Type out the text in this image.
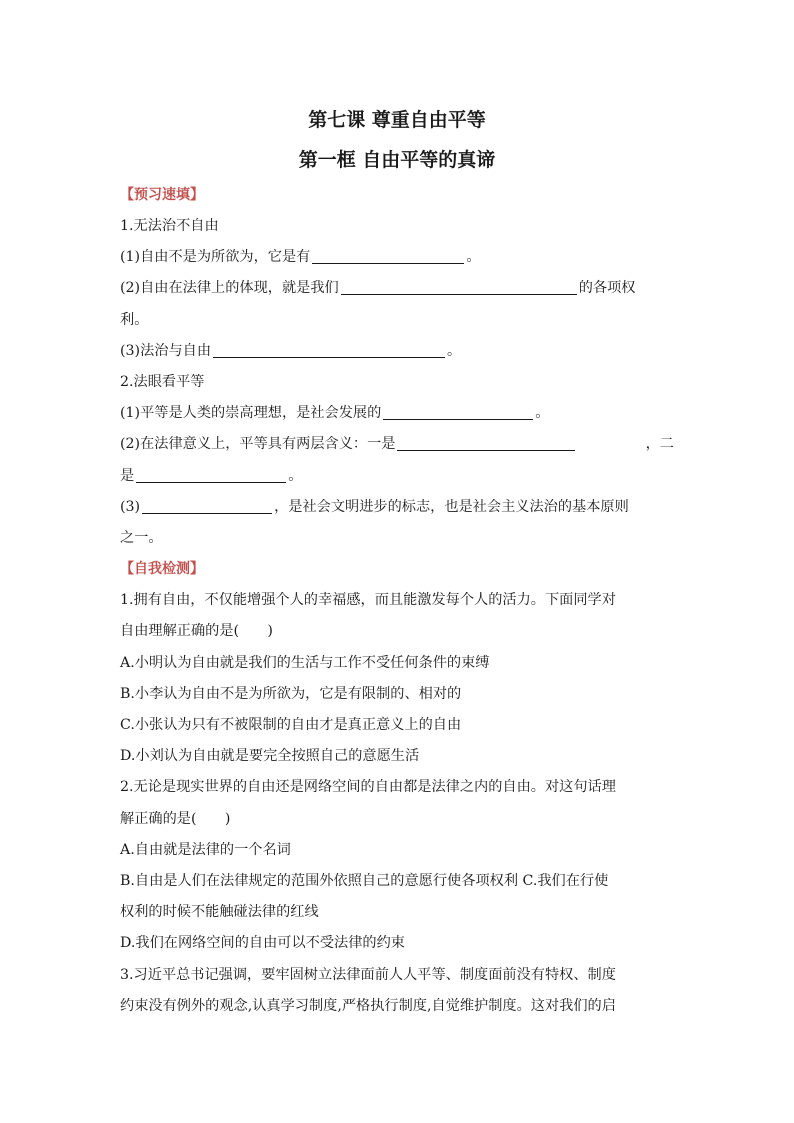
第七课 尊重自由平等
第一框 自由平等的真谛
【预习速填】

1.无法治不自由

(1)自由不是为所欲为，它是有	。

(2)自由在法律上的体现，就是我们	的各项权

利。

(3)法治与自由	。

2.法眼看平等

(1)平等是人类的崇高理想，是社会发展的	。

(2)在法律意义上，平等具有两层含义：一是	，二

是	。

(3)	，是社会文明进步的标志，也是社会主义法治的基本原则

之一。

【自我检测】

1.拥有自由，不仅能增强个人的幸福感，而且能激发每个人的活力。下面同学对

自由理解正确的是(　　)

A.小明认为自由就是我们的生活与工作不受任何条件的束缚

B.小李认为自由不是为所欲为，它是有限制的、相对的

C.小张认为只有不被限制的自由才是真正意义上的自由

D.小刘认为自由就是要完全按照自己的意愿生活

2.无论是现实世界的自由还是网络空间的自由都是法律之内的自由。对这句话理

解正确的是(　　)

A.自由就是法律的一个名词

B.自由是人们在法律规定的范围外依照自己的意愿行使各项权利 C.我们在行使

权利的时候不能触碰法律的红线

D.我们在网络空间的自由可以不受法律的约束

3.习近平总书记强调，要牢固树立法律面前人人平等、制度面前没有特权、制度

约束没有例外的观念,认真学习制度,严格执行制度,自觉维护制度。这对我们的启
